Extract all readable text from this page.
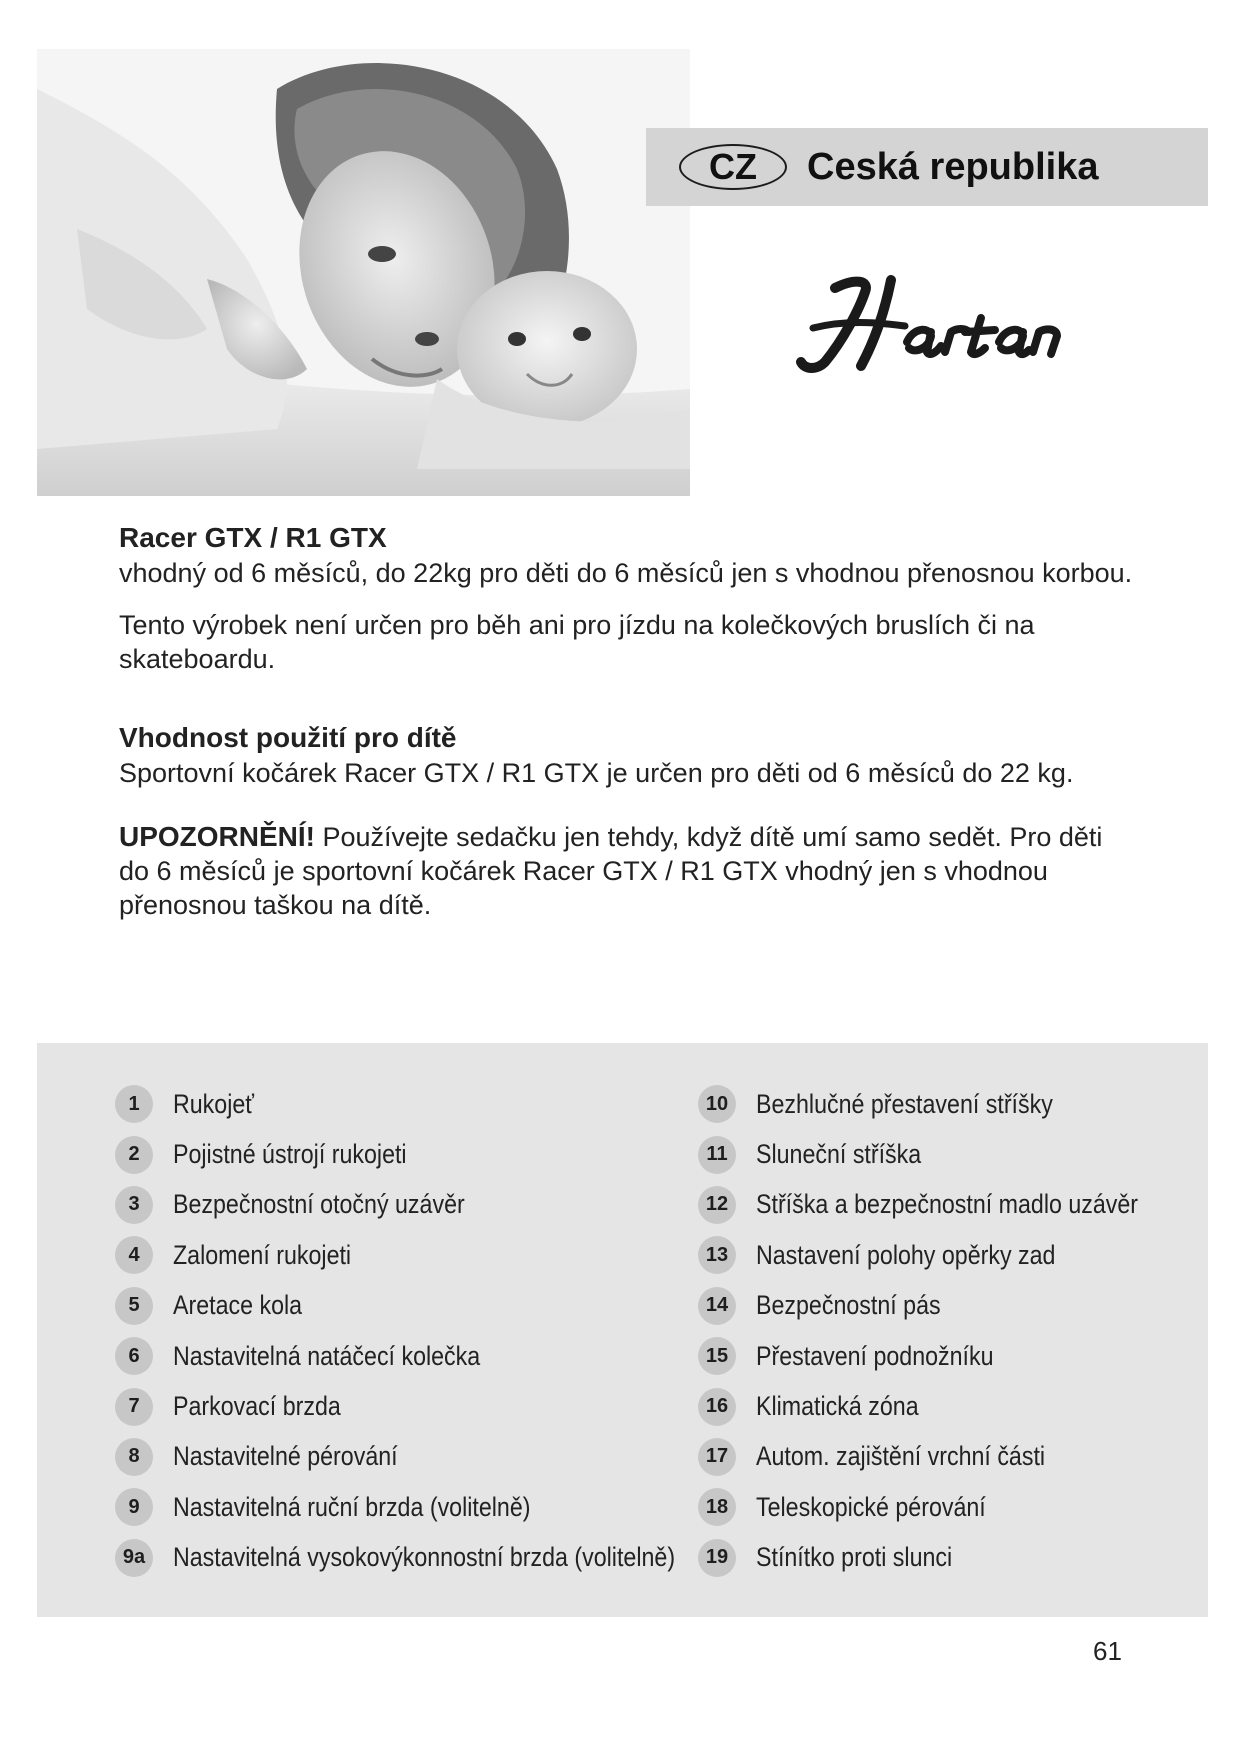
CZ	Ceská republika

Racer GTX / R1 GTX

vhodný od 6 měsíců, do 22kg pro děti do 6 měsíců jen s vhodnou přenosnou korbou.

Tento výrobek není určen pro běh ani pro jízdu na kolečkových bruslích či na skateboardu.

Vhodnost použití pro dítě

Sportovní kočárek Racer GTX / R1 GTX je určen pro děti od 6 měsíců do 22 kg.

UPOZORNĚNÍ! Používejte sedačku jen tehdy, když dítě umí samo sedět. Pro děti do 6 měsíců je sportovní kočárek Racer GTX / R1 GTX vhodný jen s vhodnou přenosnou taškou na dítě.

1	Rukojeť
2	Pojistné ústrojí rukojeti
3	Bezpečnostní otočný uzávěr
4	Zalomení rukojeti
5	Aretace kola
6	Nastavitelná natáčecí kolečka
7	Parkovací brzda
8	Nastavitelné pérování
9	Nastavitelná ruční brzda (volitelně)
9a Nastavitelná vysokovýkonnostní brzda (volitelně)
10 Bezhlučné přestavení stříšky
11	Sluneční stříška
12 Stříška a bezpečnostní madlo uzávěr
13 Nastavení polohy opěrky zad
14 Bezpečnostní pás
15 Přestavení podnožníku
16 Klimatická zóna
17 Autom. zajištění vrchní části
18 Teleskopické pérování
19 Stínítko proti slunci
61
